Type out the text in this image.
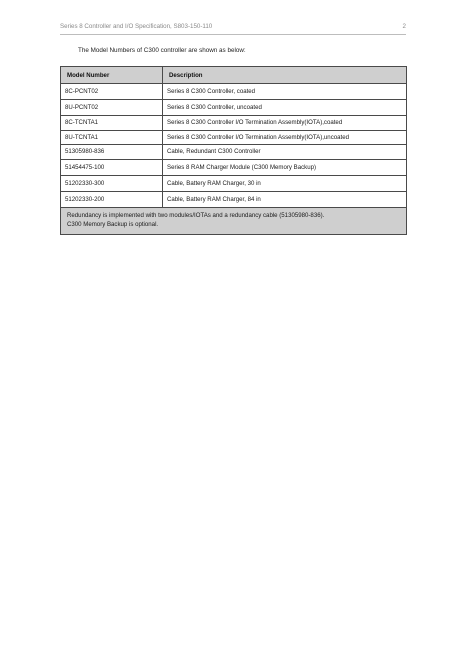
Series 8 Controller and I/O Specification, S803-150-110	2
The Model Numbers of C300 controller are shown as below:
Model Number	Description
8C-PCNT02	Series 8 C300 Controller, coated
8U-PCNT02	Series 8 C300 Controller, uncoated
8C-TCNTA1	Series 8 C300 Controller I/O Termination Assembly(IOTA),coated
8U-TCNTA1	Series 8 C300 Controller I/O Termination Assembly(IOTA),uncoated
51305980-836	Cable, Redundant C300 Controller
51454475-100	Series 8 RAM Charger Module (C300 Memory Backup)
51202330-300	Cable, Battery RAM Charger, 30 in
51202330-200	Cable, Battery RAM Charger, 84 in

Redundancy is implemented with two modules/IOTAs and a redundancy cable (51305980-836).
C300 Memory Backup is optional.	
